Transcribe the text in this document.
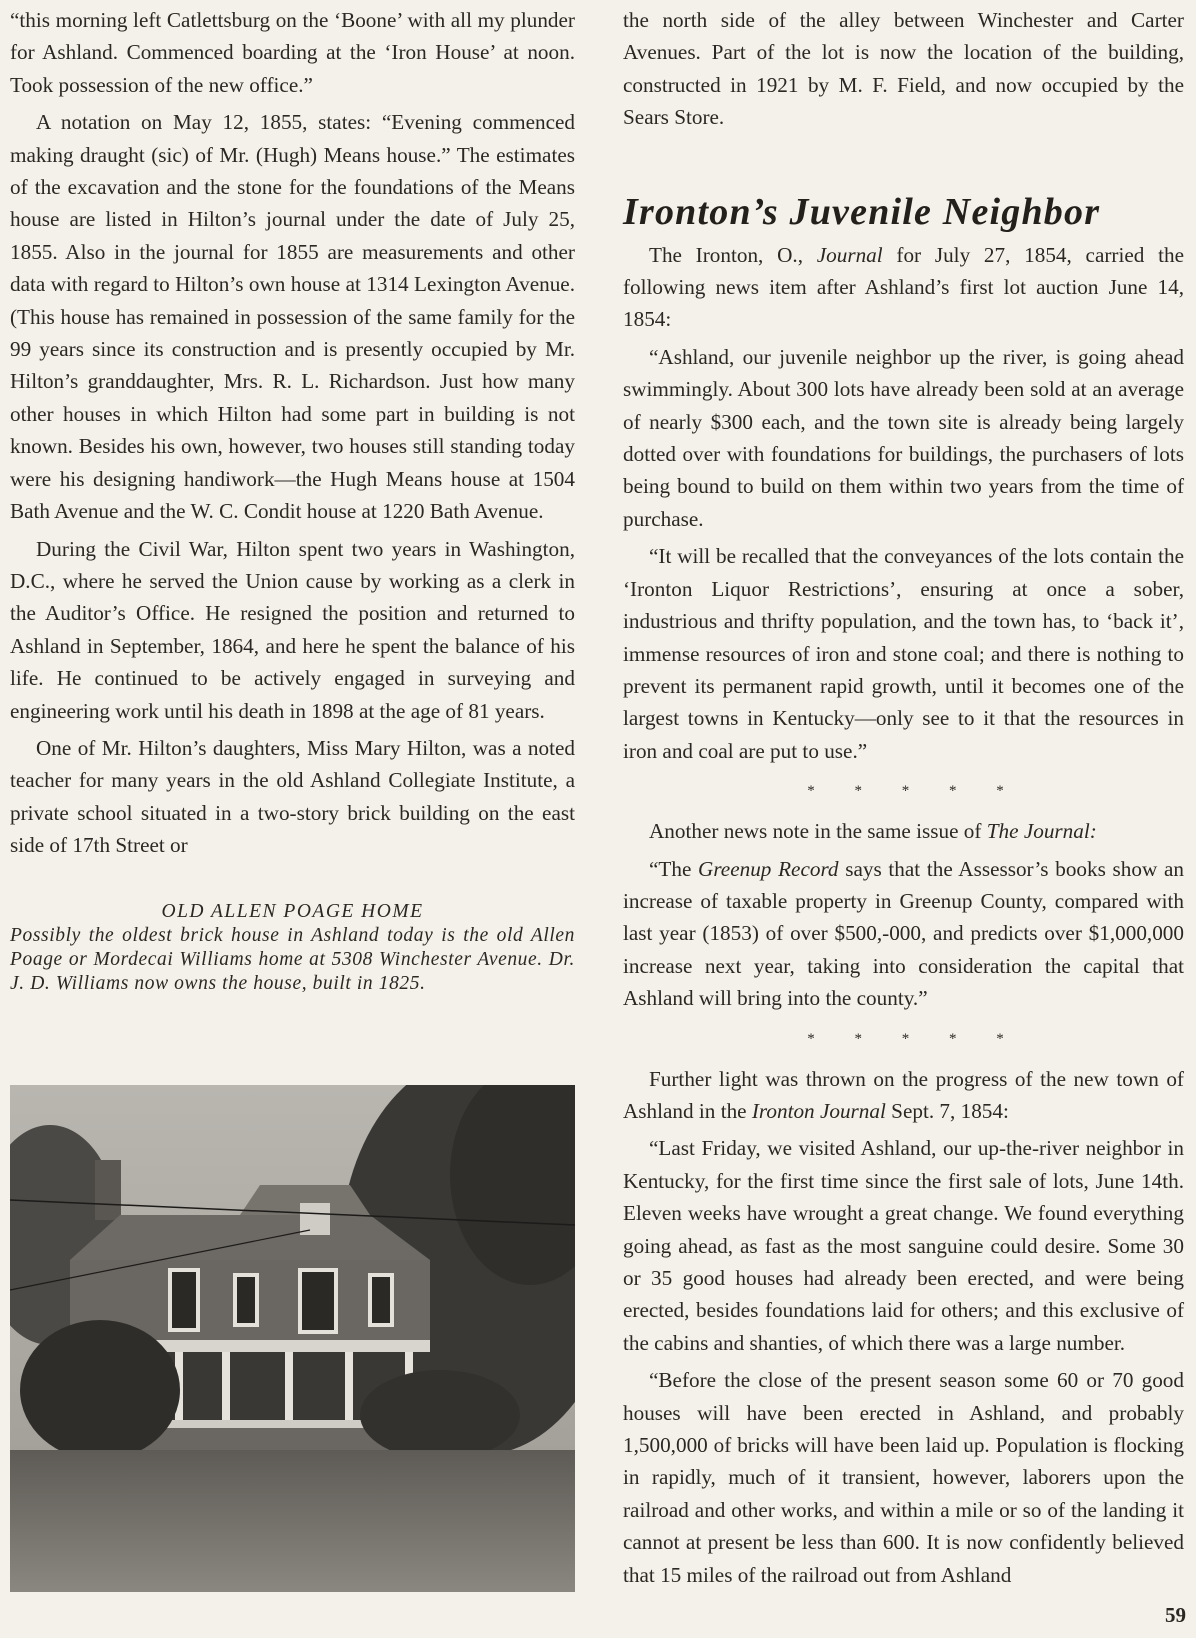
“this morning left Catlettsburg on the ‘Boone’ with all my plunder for Ashland. Commenced boarding at the ‘Iron House’ at noon. Took possession of the new office.”

A notation on May 12, 1855, states: “Evening commenced making draught (sic) of Mr. (Hugh) Means house.” The estimates of the excavation and the stone for the foundations of the Means house are listed in Hilton’s journal under the date of July 25, 1855. Also in the journal for 1855 are measurements and other data with regard to Hilton’s own house at 1314 Lexington Avenue. (This house has remained in possession of the same family for the 99 years since its construction and is presently occupied by Mr. Hilton’s granddaughter, Mrs. R. L. Richardson. Just how many other houses in which Hilton had some part in building is not known. Besides his own, however, two houses still standing today were his designing handiwork—the Hugh Means house at 1504 Bath Avenue and the W. C. Condit house at 1220 Bath Avenue.

During the Civil War, Hilton spent two years in Washington, D.C., where he served the Union cause by working as a clerk in the Auditor’s Office. He resigned the position and returned to Ashland in September, 1864, and here he spent the balance of his life. He continued to be actively engaged in surveying and engineering work until his death in 1898 at the age of 81 years.

One of Mr. Hilton’s daughters, Miss Mary Hilton, was a noted teacher for many years in the old Ashland Collegiate Institute, a private school situated in a two-story brick building on the east side of 17th Street or

OLD ALLEN POAGE HOME
Possibly the oldest brick house in Ashland today is the old Allen Poage or Mordecai Williams home at 5308 Winchester Avenue. Dr. J. D. Williams now owns the house, built in 1825.

the north side of the alley between Winchester and Carter Avenues. Part of the lot is now the location of the building, constructed in 1921 by M. F. Field, and now occupied by the Sears Store.

Ironton’s Juvenile Neighbor

The Ironton, O., Journal for July 27, 1854, carried the following news item after Ashland’s first lot auction June 14, 1854:

“Ashland, our juvenile neighbor up the river, is going ahead swimmingly. About 300 lots have already been sold at an average of nearly $300 each, and the town site is already being largely dotted over with foundations for buildings, the purchasers of lots being bound to build on them within two years from the time of purchase.

“It will be recalled that the conveyances of the lots contain the ‘Ironton Liquor Restrictions’, ensuring at once a sober, industrious and thrifty population, and the town has, to ‘back it’, immense resources of iron and stone coal; and there is nothing to prevent its permanent rapid growth, until it becomes one of the largest towns in Kentucky—only see to it that the resources in iron and coal are put to use.”

* * * * *

Another news note in the same issue of The Journal:

“The Greenup Record says that the Assessor’s books show an increase of taxable property in Greenup County, compared with last year (1853) of over $500,-000, and predicts over $1,000,000 increase next year, taking into consideration the capital that Ashland will bring into the county.”

* * * * *

Further light was thrown on the progress of the new town of Ashland in the Ironton Journal Sept. 7, 1854:

“Last Friday, we visited Ashland, our up-the-river neighbor in Kentucky, for the first time since the first sale of lots, June 14th. Eleven weeks have wrought a great change. We found everything going ahead, as fast as the most sanguine could desire. Some 30 or 35 good houses had already been erected, and were being erected, besides foundations laid for others; and this exclusive of the cabins and shanties, of which there was a large number.

“Before the close of the present season some 60 or 70 good houses will have been erected in Ashland, and probably 1,500,000 of bricks will have been laid up. Population is flocking in rapidly, much of it transient, however, laborers upon the railroad and other works, and within a mile or so of the landing it cannot at present be less than 600. It is now confidently believed that 15 miles of the railroad out from Ashland

59
